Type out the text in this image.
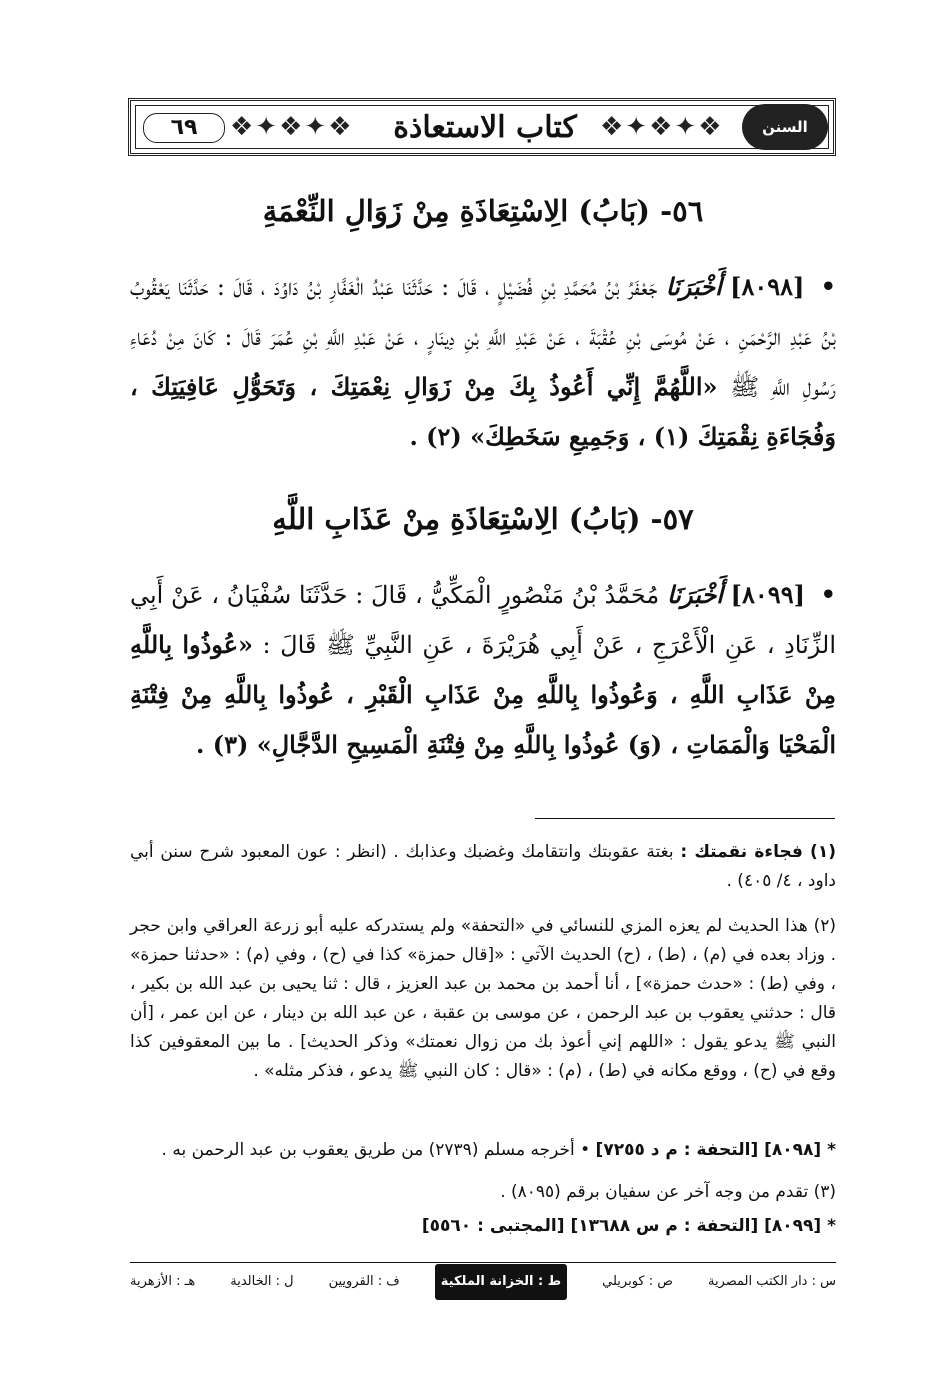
❖✦❖✦❖	❖✦❖✦❖
٦٩	كتاب الاستعاذة	السنن الكبرى
٥٦- (بَابُ) الِاسْتِعَاذَةِ مِنْ زَوَالِ النِّعْمَةِ
• [٨٠٩٨] أَخْبَرَنَا جَعْفَرُ بْنُ مُحَمَّدِ بْنِ فُضَيْلٍ ، قَالَ : حَدَّثَنَا عَبْدُ الْغَفَّارِ بْنُ دَاوُدَ ، قَالَ : حَدَّثَنَا يَعْقُوبُ بْنُ عَبْدِ الرَّحْمَنِ ، عَنْ مُوسَى بْنِ عُقْبَةَ ، عَنْ عَبْدِ اللَّهِ بْنِ دِينَارٍ ، عَنْ عَبْدِ اللَّهِ بْنِ عُمَرَ قَالَ : كَانَ مِنْ دُعَاءِ رَسُولِ اللَّهِ ﷺ «اللَّهُمَّ إِنِّي أَعُوذُ بِكَ مِنْ زَوَالِ نِعْمَتِكَ ، وَتَحَوُّلِ عَافِيَتِكَ ، وَفُجَاءَةِ نِقْمَتِكَ (١) ، وَجَمِيعِ سَخَطِكَ» (٢) .
٥٧- (بَابُ) الِاسْتِعَاذَةِ مِنْ عَذَابِ اللَّهِ
• [٨٠٩٩] أَخْبَرَنَا مُحَمَّدُ بْنُ مَنْصُورٍ الْمَكِّيُّ ، قَالَ : حَدَّثَنَا سُفْيَانُ ، عَنْ أَبِي الزِّنَادِ ، عَنِ الْأَعْرَجِ ، عَنْ أَبِي هُرَيْرَةَ ، عَنِ النَّبِيِّ ﷺ قَالَ : «عُوذُوا بِاللَّهِ مِنْ عَذَابِ اللَّهِ ، وَعُوذُوا بِاللَّهِ مِنْ عَذَابِ الْقَبْرِ ، عُوذُوا بِاللَّهِ مِنْ فِتْنَةِ الْمَحْيَا وَالْمَمَاتِ ، (وَ) عُوذُوا بِاللَّهِ مِنْ فِتْنَةِ الْمَسِيحِ الدَّجَّالِ» (٣) .
(١) فجاءة نقمتك : بغتة عقوبتك وانتقامك وغضبك وعذابك . (انظر : عون المعبود شرح سنن أبي داود ، ٤/ ٤٠٥) .
(٢) هذا الحديث لم يعزه المزي للنسائي في «التحفة» ولم يستدركه عليه أبو زرعة العراقي وابن حجر . وزاد بعده في (م) ، (ط) ، (ح) الحديث الآتي : «[قال حمزة» كذا في (ح) ، وفي (م) : «حدثنا حمزة» ، وفي (ط) : «حدث حمزة»] ، أنا أحمد بن محمد بن عبد العزيز ، قال : ثنا يحيى بن عبد الله بن بكير ، قال : حدثني يعقوب بن عبد الرحمن ، عن موسى بن عقبة ، عن عبد الله بن دينار ، عن ابن عمر ، [أن النبي ﷺ يدعو يقول : «اللهم إني أعوذ بك من زوال نعمتك» وذكر الحديث] . ما بين المعقوفين كذا وقع في (ح) ، ووقع مكانه في (ط) ، (م) : «قال : كان النبي ﷺ يدعو ، فذكر مثله» .
* [٨٠٩٨] [التحفة : م د ٧٢٥٥] • أخرجه مسلم (٢٧٣٩) من طريق يعقوب بن عبد الرحمن به .
(٣) تقدم من وجه آخر عن سفيان برقم (٨٠٩٥) .
* [٨٠٩٩] [التحفة : م س ١٣٦٨٨] [المجتبى : ٥٥٦٠]
س : دار الكتب المصرية
ص : كوبريلي
ط : الخزانة الملكية
ف : القرويين
ل : الخالدية
هـ : الأزهرية
